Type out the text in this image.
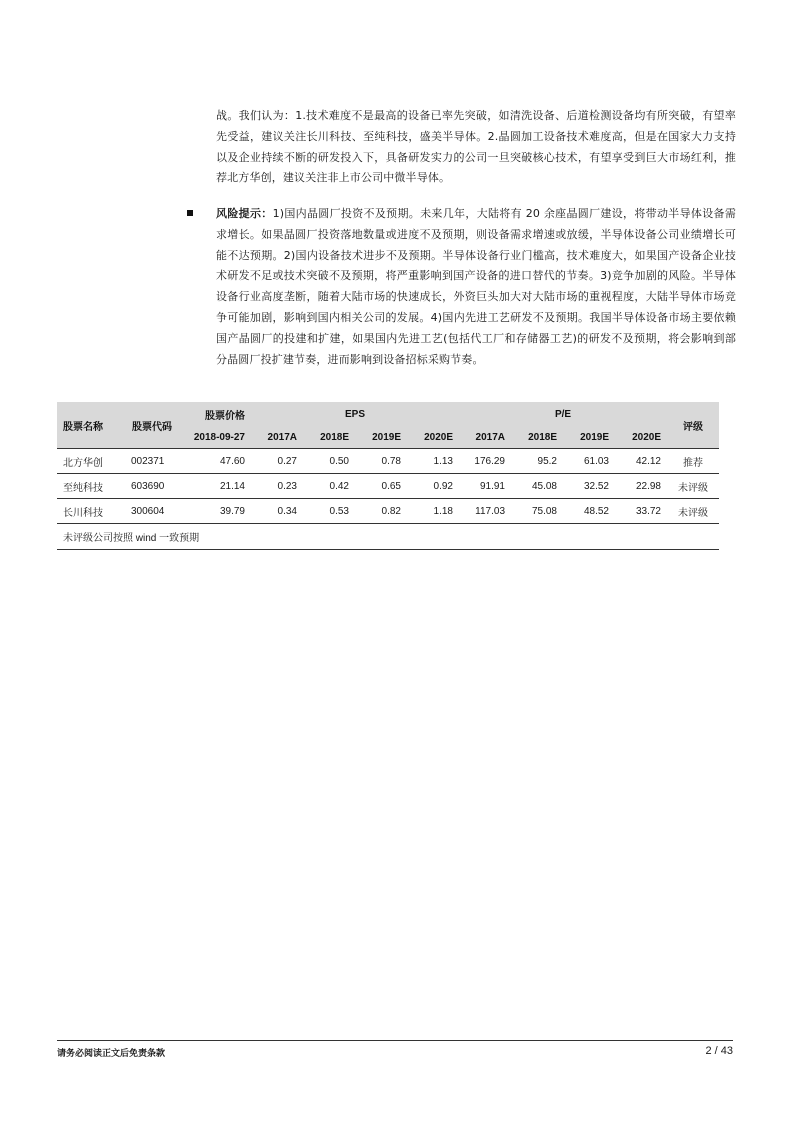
战。我们认为：1.技术难度不是最高的设备已率先突破，如清洗设备、后道检测设备均有所突破，有望率先受益，建议关注长川科技、至纯科技，盛美半导体。2.晶圆加工设备技术难度高，但是在国家大力支持以及企业持续不断的研发投入下，具备研发实力的公司一旦突破核心技术，有望享受到巨大市场红利，推荐北方华创，建议关注非上市公司中微半导体。

风险提示：1)国内晶圆厂投资不及预期。未来几年，大陆将有 20 余座晶圆厂建设，将带动半导体设备需求增长。如果晶圆厂投资落地数量或进度不及预期，则设备需求增速或放缓，半导体设备公司业绩增长可能不达预期。2)国内设备技术进步不及预期。半导体设备行业门槛高，技术难度大，如果国产设备企业技术研发不足或技术突破不及预期，将严重影响到国产设备的进口替代的节奏。3)竞争加剧的风险。半导体设备行业高度垄断，随着大陆市场的快速成长，外资巨头加大对大陆市场的重视程度，大陆半导体市场竞争可能加剧，影响到国内相关公司的发展。4)国内先进工艺研发不及预期。我国半导体设备市场主要依赖国产晶圆厂的投建和扩建，如果国内先进工艺(包括代工厂和存储器工艺)的研发不及预期，将会影响到部分晶圆厂投扩建节奏，进而影响到设备招标采购节奏。

股票名称	股票代码	股票价格	EPS				P/E				评级
		2018-09-27	2017A	2018E	2019E	2020E	2017A	2018E	2019E	2020E	
北方华创	002371	47.60	0.27	0.50	0.78	1.13	176.29	95.2	61.03	42.12	推荐
至纯科技	603690	21.14	0.23	0.42	0.65	0.92	91.91	45.08	32.52	22.98	未评级
长川科技	300604	39.79	0.34	0.53	0.82	1.18	117.03	75.08	48.52	33.72	未评级
未评级公司按照 wind 一致预期											
请务必阅读正文后免责条款	2 / 43
